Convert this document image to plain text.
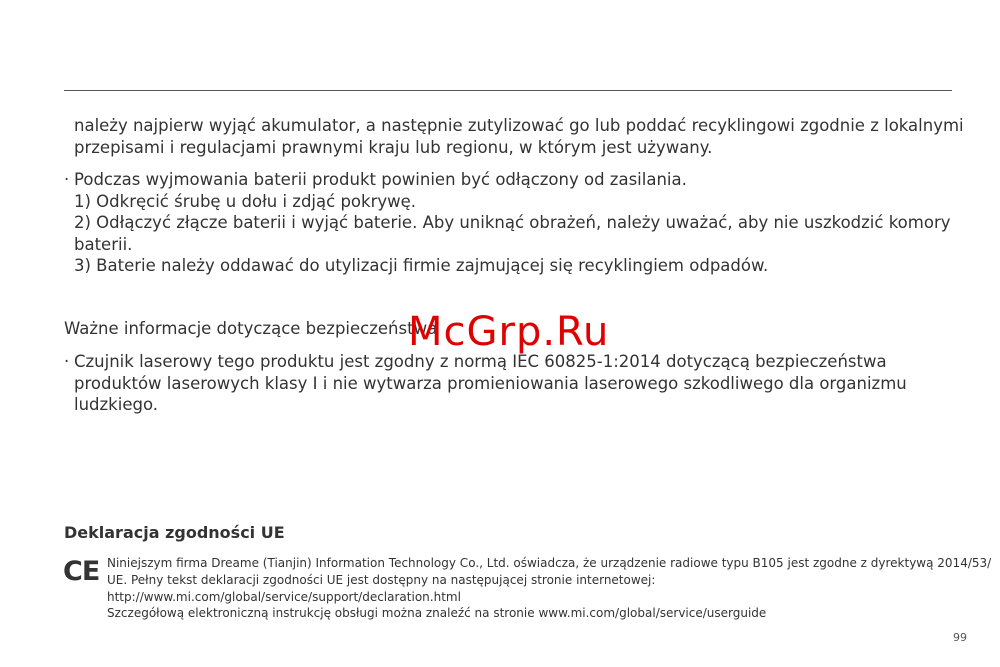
należy najpierw wyjąć akumulator, a następnie zutylizować go lub poddać recyklingowi zgodnie z lokalnymi
przepisami i regulacjami prawnymi kraju lub regionu, w którym jest używany.
· Podczas wyjmowania baterii produkt powinien być odłączony od zasilania.
1) Odkręcić śrubę u dołu i zdjąć pokrywę.
2) Odłączyć złącze baterii i wyjąć baterie. Aby uniknąć obrażeń, należy uważać, aby nie uszkodzić komory
baterii.
3) Baterie należy oddawać do utylizacji firmie zajmującej się recyklingiem odpadów.
Ważne informacje dotyczące bezpieczeństwa
· Czujnik laserowy tego produktu jest zgodny z normą IEC 60825-1:2014 dotyczącą bezpieczeństwa
produktów laserowych klasy I i nie wytwarza promieniowania laserowego szkodliwego dla organizmu
ludzkiego.
Deklaracja zgodności UE
CE Niniejszym firma Dreame (Tianjin) Information Technology Co., Ltd. oświadcza, że urządzenie radiowe typu B105 jest zgodne z dyrektywą 2014/53/
UE. Pełny tekst deklaracji zgodności UE jest dostępny na następującej stronie internetowej:
http://www.mi.com/global/service/support/declaration.html
Szczegółową elektroniczną instrukcję obsługi można znaleźć na stronie www.mi.com/global/service/userguide
McGrp.Ru
99
